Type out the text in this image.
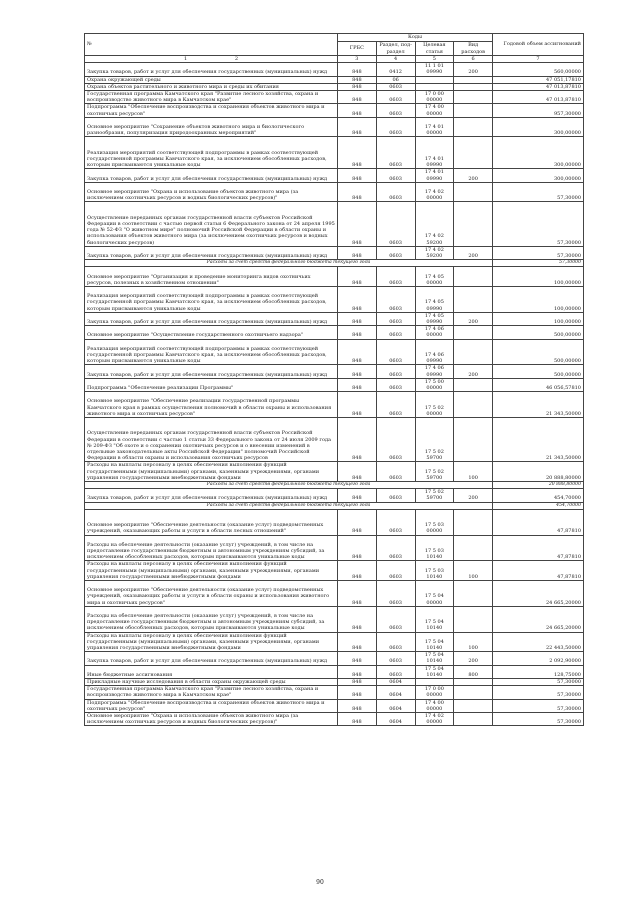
№	Коды				Годовой объем ассигнований
	ГРБС	Раздел, под-раздел	Целевая статья	Вид расходов	
1 2	3	4	5	6	7
Закупка товаров, работ и услуг для обеспечения государственных (муниципальных) нужд	848	0412	11 1 01 09990	200	560,00000
Охрана окружающей среды	848	06			47 051,17810
Охрана объектов растительного и животного мира и среды их обитания	848	0603			47 013,87810
Государственная программа Камчатского края "Развитие лесного хозяйства, охрана и воспроизводство животного мира в Камчатском крае"	848	0603	17 0 00 00000		47 013,87810
Подпрограмма "Обеспечение воспроизводства и сохранения объектов животного мира и охотничьих ресурсов"	848	0603	17 4 00 00000		957,30000
Основное мероприятие "Сохранение объектов животного мира и биологического разнообразия, популяризация природоохранных мероприятий"	848	0603	17 4 01 00000		300,00000
Реализация мероприятий соответствующей подпрограммы в рамках соответствующей государственной программы Камчатского края, за исключением обособленных расходов, которым присваиваются уникальные коды	848	0603	17 4 01 09990		300,00000
Закупка товаров, работ и услуг для обеспечения государственных (муниципальных) нужд	848	0603	17 4 01 09990	200	300,00000
Основное мероприятие "Охрана и использование объектов животного мира (за исключением охотничьих ресурсов и водных биологических ресурсов)"	848	0603	17 4 02 00000		57,30000
Осуществление переданных органам государственной власти субъектов Российской Федерации в соответствии с частью первой статьи 6 Федерального закона от 24 апреля 1995 года № 52-ФЗ "О животном мире" полномочий Российской Федерации в области охраны и использования объектов животного мира (за исключением охотничьих ресурсов и водных биологических ресурсов)	848	0603	17 4 02 59200		57,30000
Закупка товаров, работ и услуг для обеспечения государственных (муниципальных) нужд	848	0603	17 4 02 59200	200	57,30000
Расходы за счет средств федерального бюджета текущего года					57,30000
Основное мероприятие "Организация и проведение мониторинга видов охотничьих ресурсов, полезных в хозяйственном отношении"	848	0603	17 4 05 00000		100,00000
Реализация мероприятий соответствующей подпрограммы в рамках соответствующей государственной программы Камчатского края, за исключением обособленных расходов, которым присваиваются уникальные коды	848	0603	17 4 05 09990		100,00000
Закупка товаров, работ и услуг для обеспечения государственных (муниципальных) нужд	848	0603	17 4 05 09990	200	100,00000
Основное мероприятие "Осуществление государственного охотничьего надзора"	848	0603	17 4 06 00000		500,00000
Реализация мероприятий соответствующей подпрограммы в рамках соответствующей государственной программы Камчатского края, за исключением обособленных расходов, которым присваиваются уникальные коды	848	0603	17 4 06 09990		500,00000
Закупка товаров, работ и услуг для обеспечения государственных (муниципальных) нужд	848	0603	17 4 06 09990	200	500,00000
Подпрограмма "Обеспечение реализации Программы"	848	0603	17 5 00 00000		46 056,57810
Основное мероприятие "Обеспечение реализации государственной программы Камчатского края в рамках осуществления полномочий в области охраны и использования животного мира и охотничьих ресурсов"	848	0603	17 5 02 00000		21 343,50000
Осуществление переданных органам государственной власти субъектов Российской Федерации в соответствии с частью 1 статьи 33 Федерального закона от 24 июля 2009 года № 209-ФЗ "Об охоте и о сохранении охотничьих ресурсов и о внесении изменений в отдельные законодательные акты Российской Федерации" полномочий Российской Федерации в области охраны и использования охотничьих ресурсов	848	0603	17 5 02 59700		21 343,50000
Расходы на выплаты персоналу в целях обеспечения выполнения функций государственными (муниципальными) органами, казенными учреждениями, органами управления государственными внебюджетными фондами	848	0603	17 5 02 59700	100	20 888,80000
Расходы за счет средств федерального бюджета текущего года					20 888,80000
Закупка товаров, работ и услуг для обеспечения государственных (муниципальных) нужд	848	0603	17 5 02 59700	200	454,70000
Расходы за счет средств федерального бюджета текущего года					454,70000
Основное мероприятие "Обеспечение деятельности (оказание услуг) подведомственных учреждений, оказывающих работы и услуги в области лесных отношений"	848	0603	17 5 03 00000		47,87810
Расходы на обеспечение деятельности (оказание услуг) учреждений, в том числе на предоставление государственным бюджетным и автономным учреждениям субсидий, за исключением обособленных расходов, которым присваиваются уникальные коды	848	0603	17 5 03 10140		47,87810
Расходы на выплаты персоналу в целях обеспечения выполнения функций государственными (муниципальными) органами, казенными учреждениями, органами управления государственными внебюджетными фондами	848	0603	17 5 03 10140	100	47,87810
Основное мероприятие "Обеспечение деятельности (оказание услуг) подведомственных учреждений, оказывающих работы и услуги в области охраны и использования животного мира и охотничьих ресурсов"	848	0603	17 5 04 00000		24 665,20000
Расходы на обеспечение деятельности (оказание услуг) учреждений, в том числе на предоставление государственным бюджетным и автономным учреждениям субсидий, за исключением обособленных расходов, которым присваиваются уникальные коды	848	0603	17 5 04 10140		24 665,20000
Расходы на выплаты персоналу в целях обеспечения выполнения функций государственными (муниципальными) органами, казенными учреждениями, органами управления государственными внебюджетными фондами	848	0603	17 5 04 10140	100	22 443,50000
Закупка товаров, работ и услуг для обеспечения государственных (муниципальных) нужд	848	0603	17 5 04 10140	200	2 092,90000
Иные бюджетные ассигнования	848	0603	17 5 04 10140	800	128,75000
Прикладные научные исследования в области охраны окружающей среды	848	0604			57,30000
Государственная программа Камчатского края "Развитие лесного хозяйства, охрана и воспроизводство животного мира в Камчатском крае"	848	0604	17 0 00 00000		57,30000
Подпрограмма "Обеспечение воспроизводства и сохранения объектов животного мира и охотничьих ресурсов"	848	0604	17 4 00 00000		57,30000
Основное мероприятие "Охрана и использование объектов животного мира (за исключением охотничьих ресурсов и водных биологических ресурсов)"	848	0604	17 4 02 00000		57,30000
90
